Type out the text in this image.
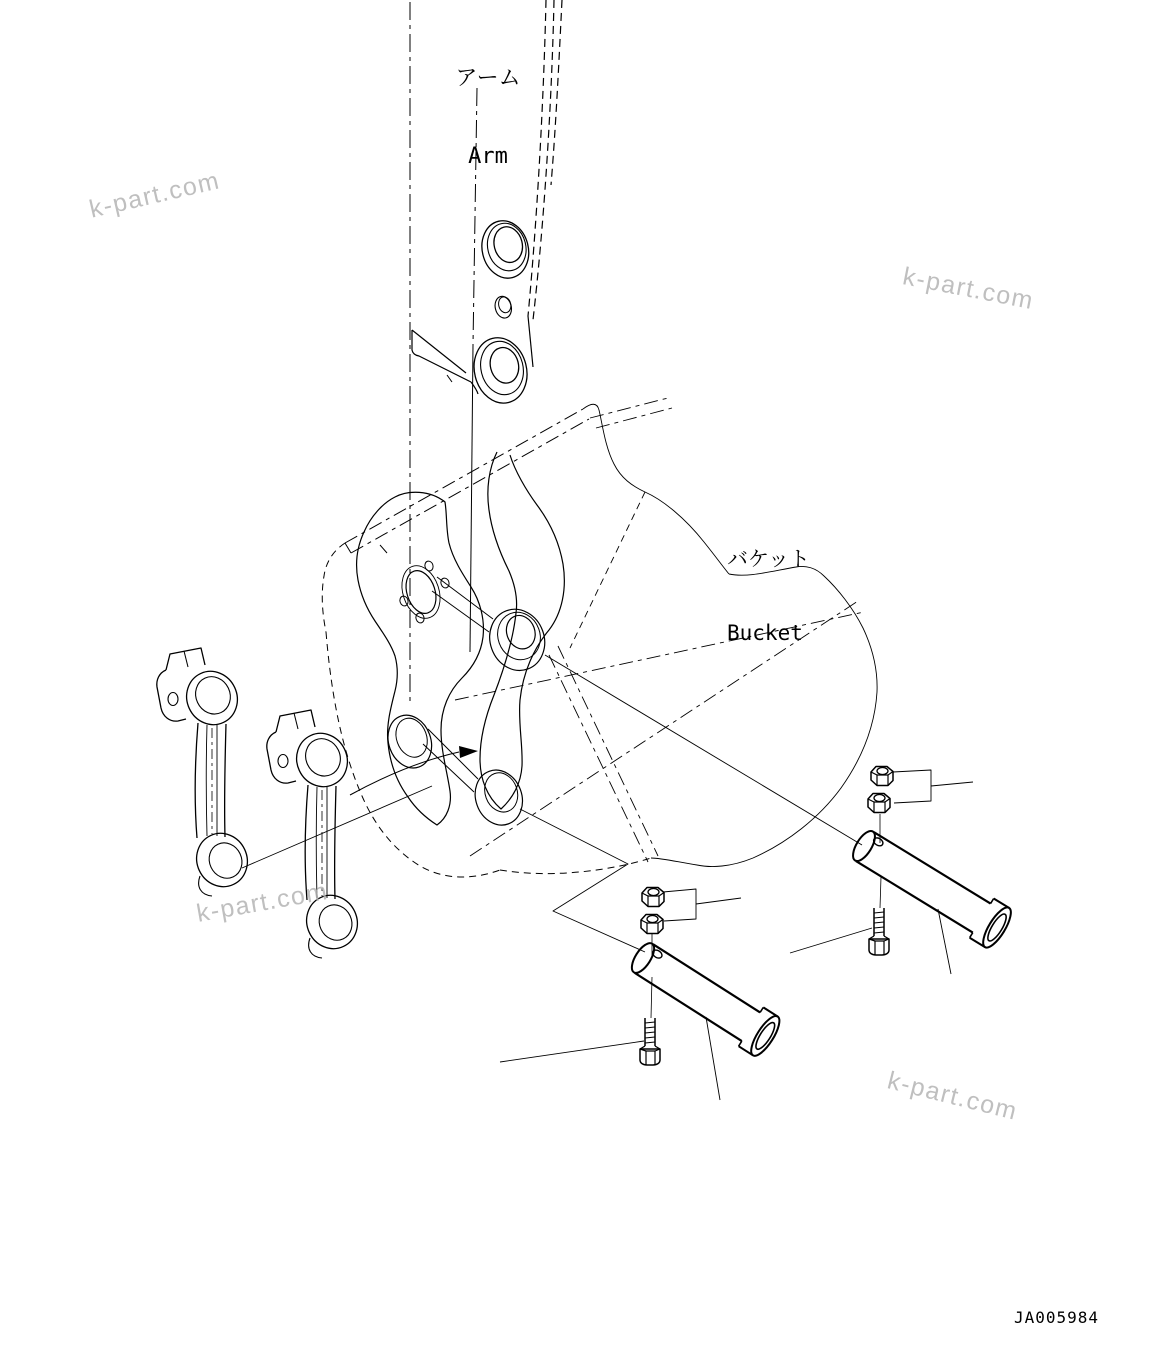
アーム

Arm

バケット

Bucket

JA005984
k-part.com
k-part.com
k-part.com
k-part.com
